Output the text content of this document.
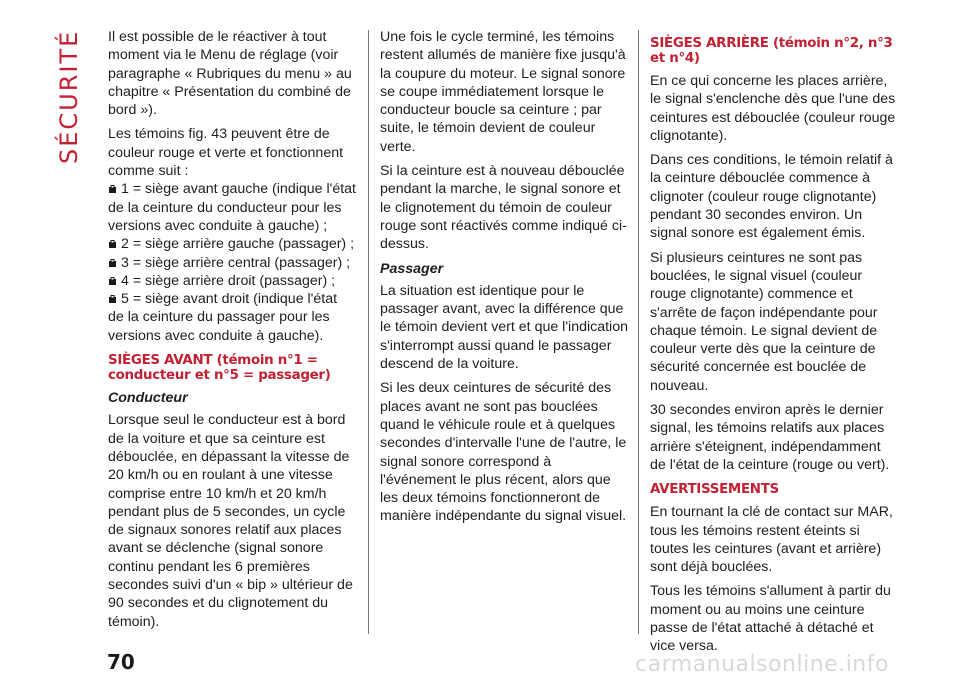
SÉCURITÉ Il est possible de le réactiver à tout moment via le Menu de réglage (voir paragraphe « Rubriques du menu » au chapitre « Présentation du combiné de bord »).

Les témoins fig. 43 peuvent être de couleur rouge et verte et fonctionnent comme suit :

1 = siège avant gauche (indique l'état de la ceinture du conducteur pour les versions avec conduite à gauche) ;
2 = siège arrière gauche (passager) ;
3 = siège arrière central (passager) ;
4 = siège arrière droit (passager) ;
5 = siège avant droit (indique l'état de la ceinture du passager pour les versions avec conduite à gauche).
SIÈGES AVANT (témoin n°1 = conducteur et n°5 = passager)
Conducteur

Lorsque seul le conducteur est à bord de la voiture et que sa ceinture est débouclée, en dépassant la vitesse de 20 km/h ou en roulant à une vitesse comprise entre 10 km/h et 20 km/h pendant plus de 5 secondes, un cycle de signaux sonores relatif aux places avant se déclenche (signal sonore continu pendant les 6 premières secondes suivi d'un « bip » ultérieur de 90 secondes et du clignotement du témoin).

Une fois le cycle terminé, les témoins restent allumés de manière fixe jusqu'à la coupure du moteur. Le signal sonore se coupe immédiatement lorsque le conducteur boucle sa ceinture ; par suite, le témoin devient de couleur verte.

Si la ceinture est à nouveau débouclée pendant la marche, le signal sonore et le clignotement du témoin de couleur rouge sont réactivés comme indiqué ci-dessus.

Passager

La situation est identique pour le passager avant, avec la différence que le témoin devient vert et que l'indication s'interrompt aussi quand le passager descend de la voiture.

Si les deux ceintures de sécurité des places avant ne sont pas bouclées quand le véhicule roule et à quelques secondes d'intervalle l'une de l'autre, le signal sonore correspond à l'événement le plus récent, alors que les deux témoins fonctionneront de manière indépendante du signal visuel.

SIÈGES ARRIÈRE (témoin n°2, n°3 et n°4)

En ce qui concerne les places arrière, le signal s'enclenche dès que l'une des ceintures est débouclée (couleur rouge clignotante).

Dans ces conditions, le témoin relatif à la ceinture débouclée commence à clignoter (couleur rouge clignotante) pendant 30 secondes environ. Un signal sonore est également émis.

Si plusieurs ceintures ne sont pas bouclées, le signal visuel (couleur rouge clignotante) commence et s'arrête de façon indépendante pour chaque témoin. Le signal devient de couleur verte dès que la ceinture de sécurité concernée est bouclée de nouveau.

30 secondes environ après le dernier signal, les témoins relatifs aux places arrière s'éteignent, indépendamment de l'état de la ceinture (rouge ou vert).

AVERTISSEMENTS

En tournant la clé de contact sur MAR, tous les témoins restent éteints si toutes les ceintures (avant et arrière) sont déjà bouclées.

Tous les témoins s'allument à partir du moment ou au moins une ceinture passe de l'état attaché à détaché et vice versa.

70	carmanualsonline.info
